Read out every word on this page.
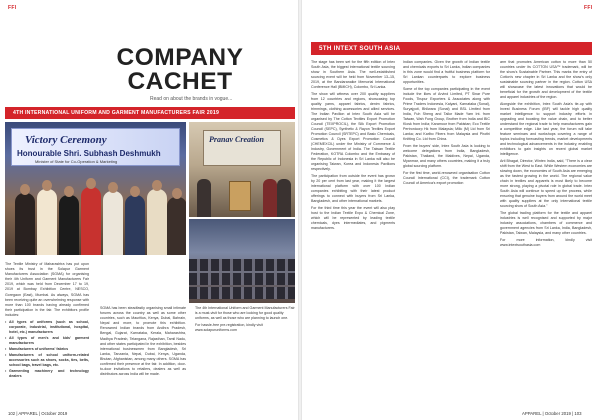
FFI
COMPANY CACHET
Read on about the brands in vogue...
4TH INTERNATIONAL UNIFORM AND GARMENT MANUFACTURERS FAIR 2019
Victory Ceremony
Honourable Shri. Subhash Deshmukh
Minister of State for Co-Operation & Marketing
Pranav Creation

The Textile Ministry of Maharashtra has put upon shoes its trust in the Solapur Garment Manufacturers Association (SGMA) for organising their 4th Uniform and Garment Manufacturers Fair 2019, which was held from December 17 to 19, 2019 at Bombay Exhibition Centre, NESCO, Goregaon (East), Mumbai. As always, SGMA has been receiving quite an overwhelming response with more than 100 brands having already confirmed their participation in the fair. The exhibitors profile includes:

• All types of uniforms (such as school, corporate, industrial, institutional, hospital, hotel, etc.) manufacturers
• All types of men's and kids' garment manufacturers
• Manufacturers of uniforms' fabrics
• Manufacturers of school uniform-related accessories such as shoes, socks, ties, belts, school bags, travel bags, etc.
• Garmenting machinery and technology dealers

SGMA has been steadfastly organising small intimate forums across the country as well as some other countries, such as Mauritius, Kenya, Dubai, Bahrain, Nepal and more, to promote this exhibition. Renowned Indian brands from Andhra Pradesh, Bengal, Gujarat, Karnataka, Kerala, Maharashtra, Madhya Pradesh, Telangana, Rajasthan, Tamil Nadu, and other states participated in the exhibition, besides international businessmen from Bangladesh, Sri Lanka, Tanzania, Nepal, Dubai, Kenya, Uganda, Bhutan, Afghanistan, among many others. SGMA has confirmed their presence at the fair. In addition, door-to-door invitations to retailers, dealers as well as distributors across India will be made.

The 4th International Uniform and Garment Manufacturers Fair is a must-visit for those who are looking for good quality uniforms, as well as those who are planning to launch one.

For hassle-free pre-registration, kindly visit www.solapuruniforms.com

102 | APPAREL | October 2019
FFI
5TH INTEXT SOUTH ASIA

The stage has been set for the fifth edition of Intex South Asia, the biggest international textile sourcing show in Southern Asia. The well-established sourcing event will be held from November 13–15, 2019, at the Bandaranaike Memorial International Conference Hall (BMICH), Colombo, Sri Lanka.

The show will witness over 200 quality suppliers from 12 countries and regions, showcasing top quality yarns, apparel fabrics, denim fabrics, trimmings, clothing accessories and allied services. The Indian Pavilion at Intex South Asia will be organised by The Cotton Textiles Export Promotion Council (TEXPROCIL), the Silk Export Promotion Council (SEPC), Synthetic & Rayon Textiles Export Promotion Council (SRTEPC) and Basic Chemicals, Cosmetics & Dyes Export Promotion Council (CHEMEXCIL) under the Ministry of Commerce & Industry, Government of India. The Taiwan Textile Federation, KOTRA Colombo and the Embassy of the Republic of Indonesia in Sri Lanka will also be organising Taiwan, Korea and Indonesia Pavilions respectively.

The participation from outside the event has grown by 20 per cent from last year, making it the largest international platform with over 100 Indian companies exhibiting with their latest product offerings to connect with buyers from Sri Lanka, Bangladesh, and other international markets.

For the third time this year the event will also play host to the Indian Textile Expo & Chemical Zone, which will be represented by leading textile chemicals, dyes intermediates, and pigments manufacturers.

Indian companies. Given the growth of Indian textile and chemicals exports to Sri Lanka, Indian companies in this zone would find a fruitful business platform for Sri Lankan counterparts to explore business opportunities.

Some of the top companies participating in the event include the likes of Arvind Limited, PT Sinar Pure Foods, Tirupur Exporters & Associates along with Prime Traders Indonesia, Kalyani, Karnataka (Sonal), Suryajyoti, Bhilwara (Sonal) and BSL Limited from India, Fuh Sheng and Tailor Made Yarn Int. from Taiwan, Wah Fung Group, Brother from India and BIC Kiosk from India; Karamoor from Pakistan; Eco Textile Pertronicorp Hk from Malaysia; Milic (M) Ltd from Sri Lanka; and Karlbo Fibers from Malaysia and Phothi Knitting Co. Ltd from China.

From the buyers' side, Intex South Asia is looking to welcome delegations from India, Bangladesh, Pakistan, Thailand, the Maldives, Nepal, Uganda, Myanmar, and many others countries, making it a truly global sourcing platform.

For the first time, world-renowned organisation Cotton Council International (CCI), the trademark Cotton Council of America's export promotion

arm that promotes American cotton to more than 50 countries under its COTTON USA™ trademark, will be the show's Sustainable Partner. This marks the entry of Cotton's new chapter in Sri Lanka and the show's only sustainable sourcing partner in the region. Cotton USA will showcase the latest innovations that would be beneficial for the growth and development of the textile and apparel industries of the region.

Alongside the exhibition, Intex South Asia's tie-up with Invest Business Forum (IBF) will tackle high quality market intelligence to support industry efforts in upgrading and boosting the value chain, and to better understand the regional trade to help manufacturers gain a competitive edge. Like last year, the forum will take feature seminars and workshops covering a range of topics including forecasting trends, market developments and technological advancements in the industry, enabling exhibitors to gain insights on recent global market intelligence.

Arti Bhagat, Director, Wintex India, said, "There is a clear shift from the West to East. While Western economies are slowing down, the economies of South Asia are emerging as the fastest growing in the world. The regional value chain in textiles and apparels is most likely to become more strong, playing a pivotal role in global trade. Intex South Asia will continue to speed up the process, while ensuring that genuine buyers from around the world meet with quality suppliers at the only international textile sourcing show of South Asia."

The global trading platform for the textile and apparel industries is well recognised and supported by major industry associations, chambers of commerce and government agencies from Sri Lanka, India, Bangladesh, Pakistan, Taiwan, Malaysia, and many other countries.

For more information, kindly visit www.intextsouthasia.com

APPAREL | October 2019 | 103
